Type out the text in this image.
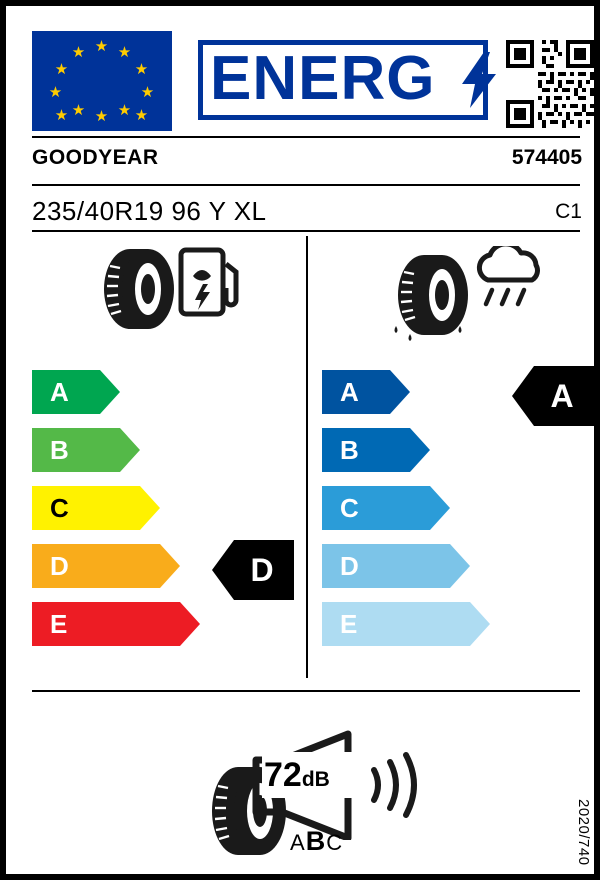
★ ★
★
★
★
★
★
★
★
★
★
★ ENERG
GOODYEAR	574405
235/40R19 96 Y XL	C1
A
B
C
D
E
D
A
B
C
D
E
A
72dB
ABC	2020/740
